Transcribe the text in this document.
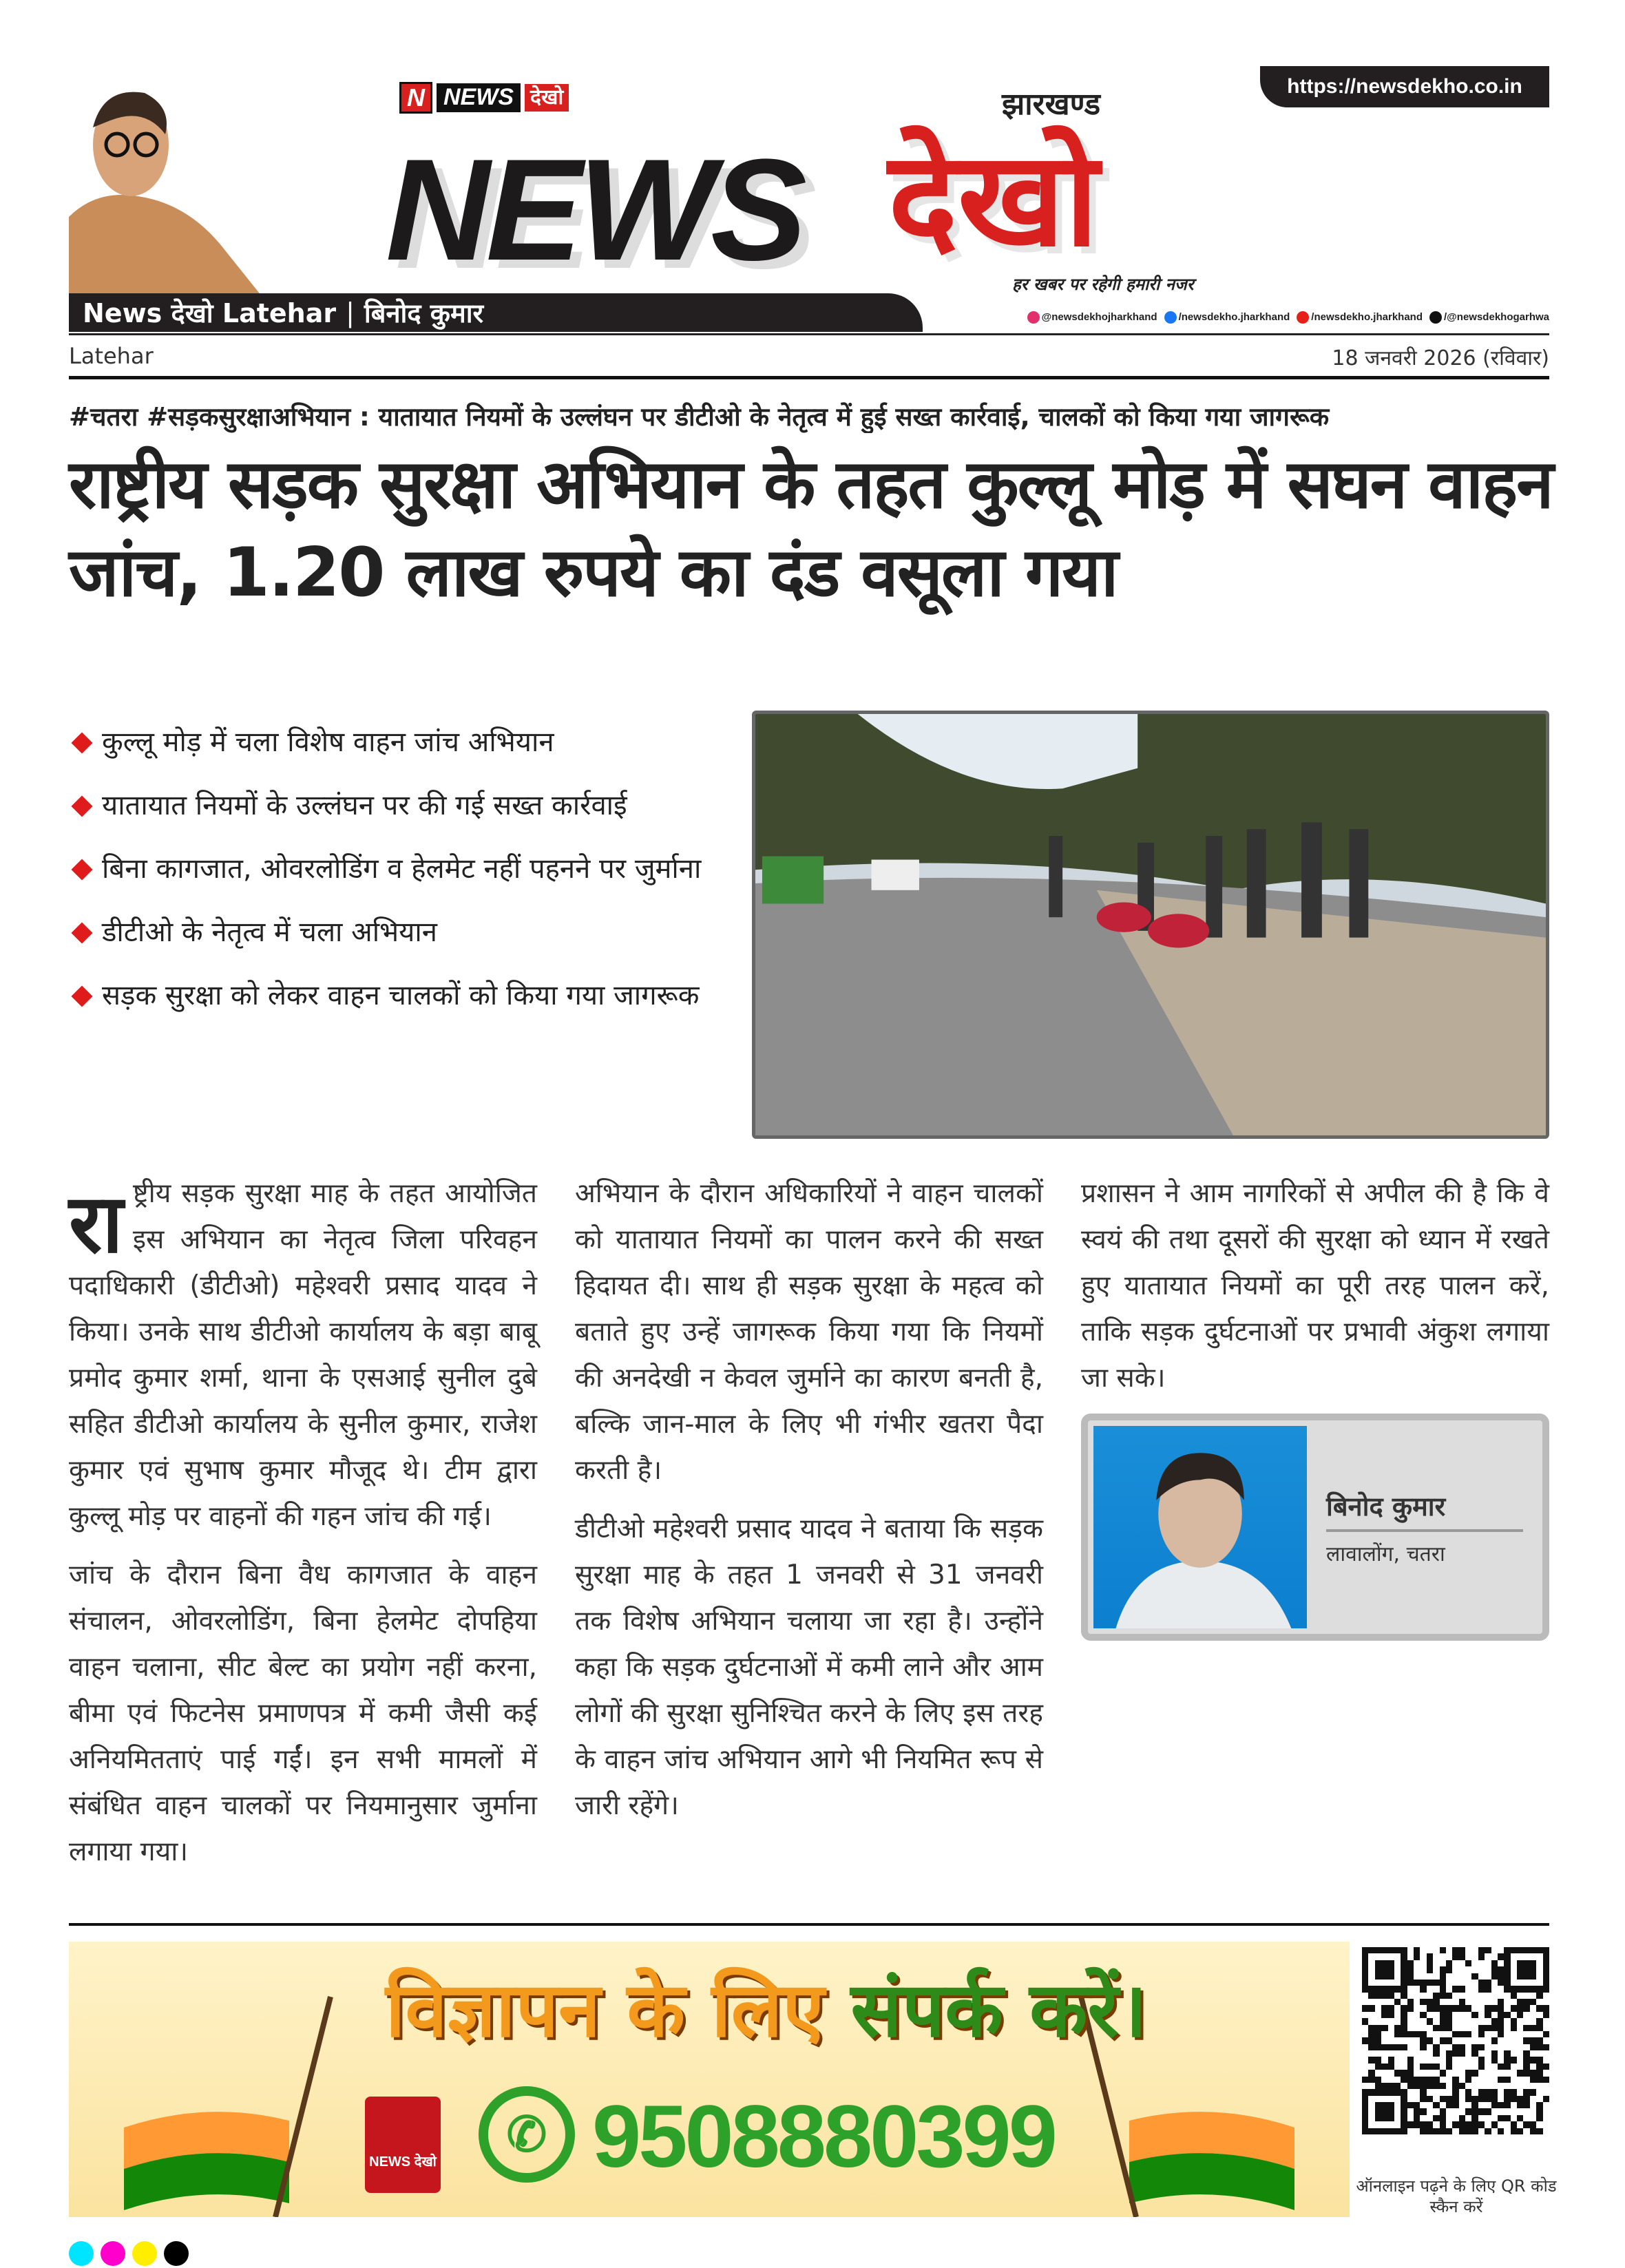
https://newsdekho.co.in
N NEWS देखो
NEWS
झारखण्ड
देखो
हर खबर पर रहेगी हमारी नजर
News देखो Latehar | बिनोद कुमार	@newsdekhojharkhand	/newsdekho.jharkhand	/newsdekho.jharkhand	/@newsdekhogarhwa
Latehar	18 जनवरी 2026 (रविवार)
#चतरा #सड़कसुरक्षाअभियान : यातायात नियमों के उल्लंघन पर डीटीओ के नेतृत्व में हुई सख्त कार्रवाई, चालकों को किया गया जागरूक
राष्ट्रीय सड़क सुरक्षा अभियान के तहत कुल्लू मोड़ में सघन वाहन जांच, 1.20 लाख रुपये का दंड वसूला गया
कुल्लू मोड़ में चला विशेष वाहन जांच अभियान
यातायात नियमों के उल्लंघन पर की गई सख्त कार्रवाई
बिना कागजात, ओवरलोडिंग व हेलमेट नहीं पहनने पर जुर्माना
डीटीओ के नेतृत्व में चला अभियान
सड़क सुरक्षा को लेकर वाहन चालकों को किया गया जागरूक

राष्ट्रीय सड़क सुरक्षा माह के तहत आयोजित इस अभियान का नेतृत्व जिला परिवहन पदाधिकारी (डीटीओ) महेश्वरी प्रसाद यादव ने किया। उनके साथ डीटीओ कार्यालय के बड़ा बाबू प्रमोद कुमार शर्मा, थाना के एसआई सुनील दुबे सहित डीटीओ कार्यालय के सुनील कुमार, राजेश कुमार एवं सुभाष कुमार मौजूद थे। टीम द्वारा कुल्लू मोड़ पर वाहनों की गहन जांच की गई।

जांच के दौरान बिना वैध कागजात के वाहन संचालन, ओवरलोडिंग, बिना हेलमेट दोपहिया वाहन चलाना, सीट बेल्ट का प्रयोग नहीं करना, बीमा एवं फिटनेस प्रमाणपत्र में कमी जैसी कई अनियमितताएं पाई गईं। इन सभी मामलों में संबंधित वाहन चालकों पर नियमानुसार जुर्माना लगाया गया।

अभियान के दौरान अधिकारियों ने वाहन चालकों को यातायात नियमों का पालन करने की सख्त हिदायत दी। साथ ही सड़क सुरक्षा के महत्व को बताते हुए उन्हें जागरूक किया गया कि नियमों की अनदेखी न केवल जुर्माने का कारण बनती है, बल्कि जान-माल के लिए भी गंभीर खतरा पैदा करती है।

डीटीओ महेश्वरी प्रसाद यादव ने बताया कि सड़क सुरक्षा माह के तहत 1 जनवरी से 31 जनवरी तक विशेष अभियान चलाया जा रहा है। उन्होंने कहा कि सड़क दुर्घटनाओं में कमी लाने और आम लोगों की सुरक्षा सुनिश्चित करने के लिए इस तरह के वाहन जांच अभियान आगे भी नियमित रूप से जारी रहेंगे।

प्रशासन ने आम नागरिकों से अपील की है कि वे स्वयं की तथा दूसरों की सुरक्षा को ध्यान में रखते हुए यातायात नियमों का पूरी तरह पालन करें, ताकि सड़क दुर्घटनाओं पर प्रभावी अंकुश लगाया जा सके।

बिनोद कुमार
लावालोंग, चतरा
विज्ञापन के लिए संपर्क करें।
NEWS देखो
✆ 9508880399	ऑनलाइन पढ़ने के लिए QR कोड स्कैन करें
